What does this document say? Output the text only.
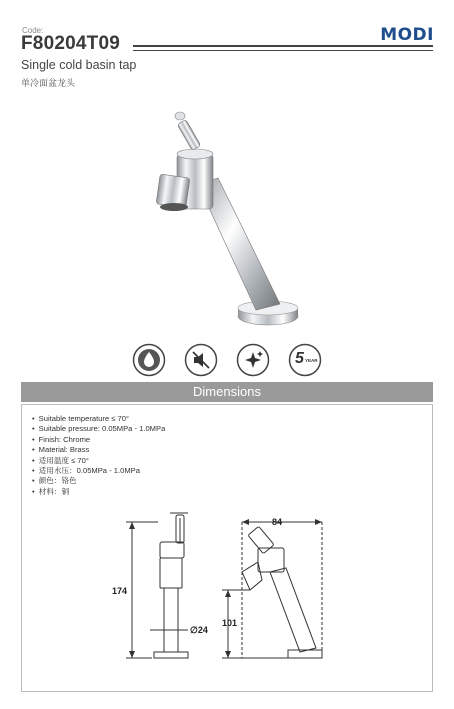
Code:
F80204T09	MODI
Single cold basin tap
单冷面盆龙头
5 YEAR
Dimensions
• Suitable temperature ≤ 70°
• Suitable pressure: 0.05MPa - 1.0MPa
• Finish: Chrome
• Material: Brass
• 适用温度 ≤ 70°
• 适用水压：0.05MPa - 1.0MPa
• 颜色：铬色
• 材料：铜
174
∅24
84
101
